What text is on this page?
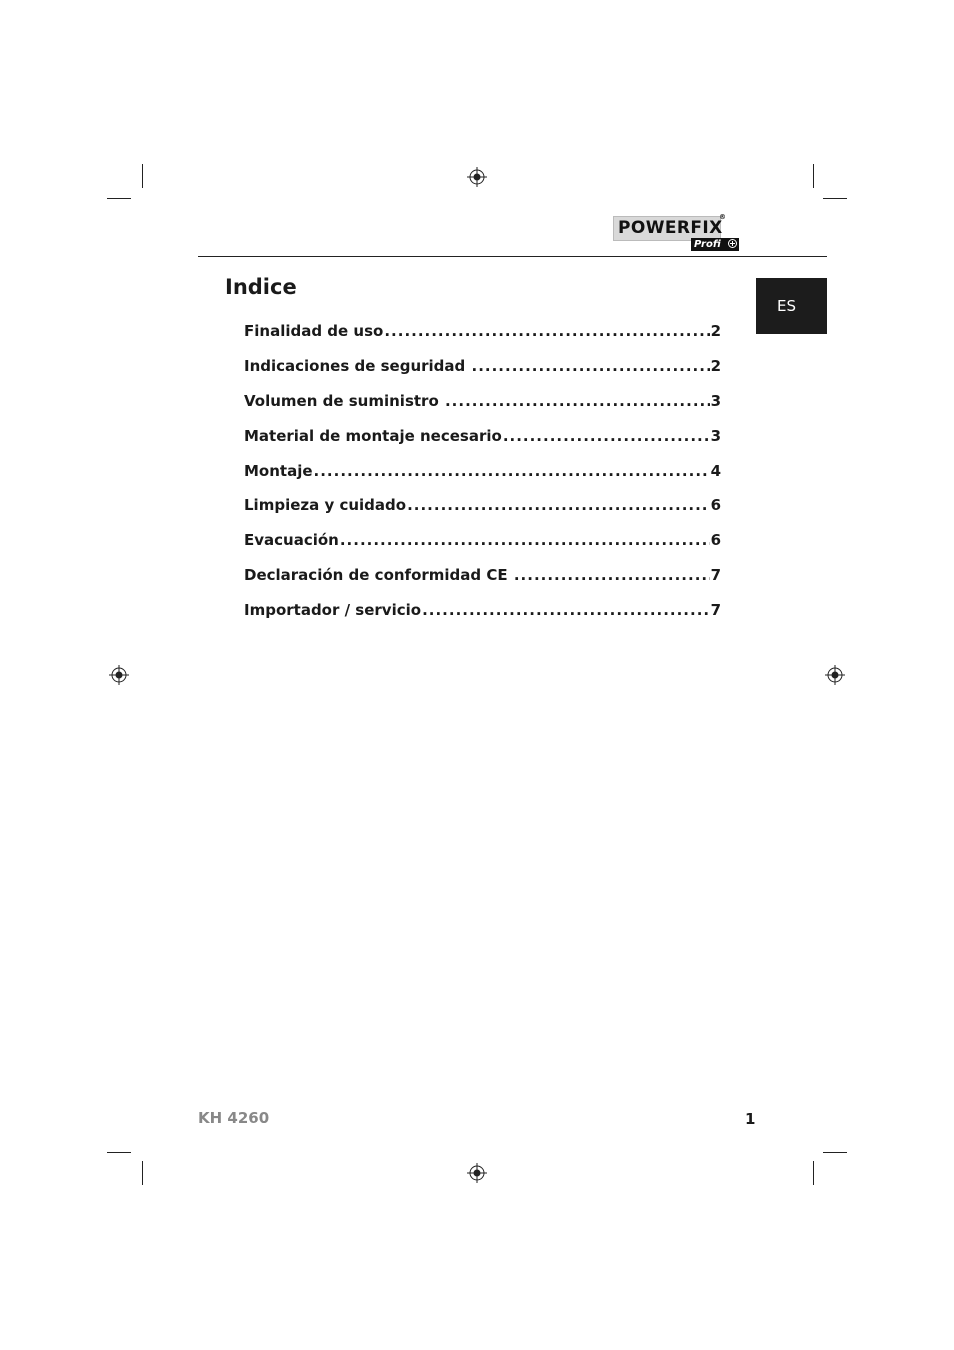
POWERFIX
®
Profi
ES
Indice
Finalidad de uso .....	2
Indicaciones de seguridad .....	2
Volumen de suministro .....	3
Material de montaje necesario .....	3
Montaje .....	4
Limpieza y cuidado .....	6
Evacuación .....	6
Declaración de conformidad CE .....	7
Importador / servicio .....	7
KH 4260	1
